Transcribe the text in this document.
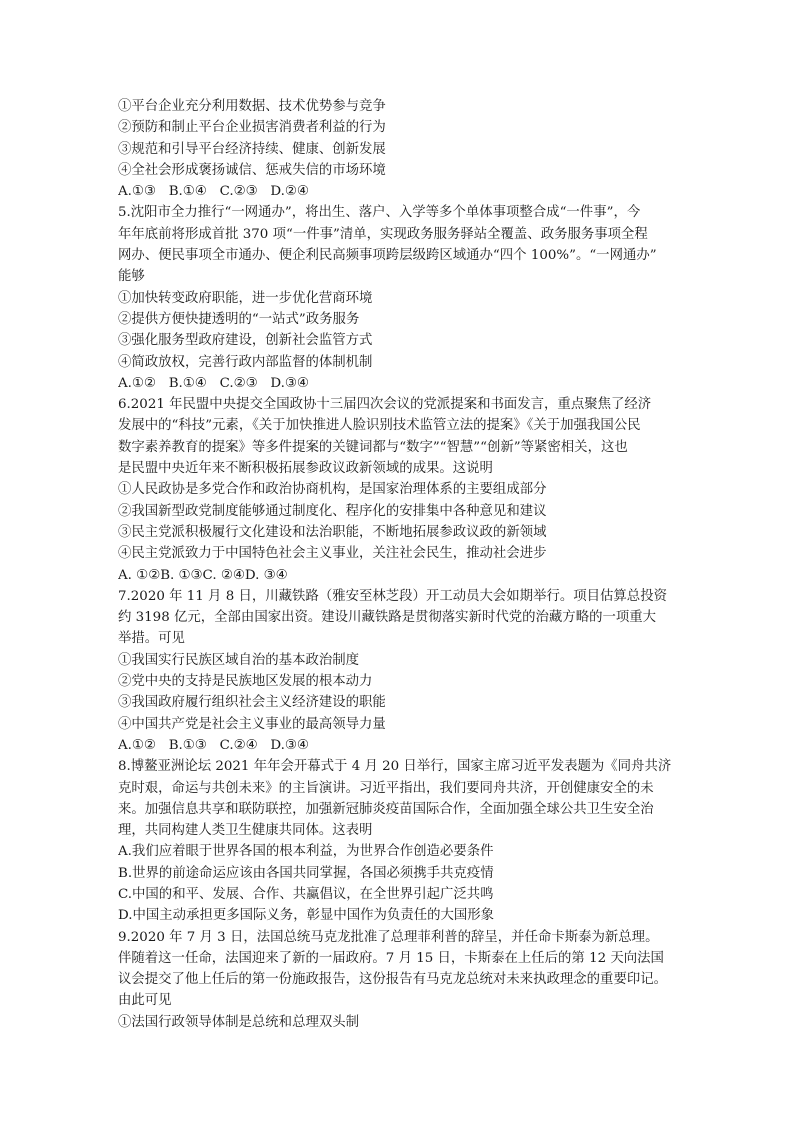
①平台企业充分利用数据、技术优势参与竞争
②预防和制止平台企业损害消费者利益的行为
③规范和引导平台经济持续、健康、创新发展
④全社会形成褒扬诚信、惩戒失信的市场环境
A.①③   B.①④   C.②③   D.②④
5.沈阳市全力推行“一网通办”，将出生、落户、入学等多个单体事项整合成“一件事”，今
年年底前将形成首批 370 项“一件事”清单，实现政务服务驿站全覆盖、政务服务事项全程
网办、便民事项全市通办、便企利民高频事项跨层级跨区域通办“四个 100%”。“一网通办”
能够
①加快转变政府职能，进一步优化营商环境
②提供方便快捷透明的“一站式”政务服务
③强化服务型政府建设，创新社会监管方式
④简政放权，完善行政内部监督的体制机制
A.①②   B.①④   C.②③   D.③④
6.2021 年民盟中央提交全国政协十三届四次会议的党派提案和书面发言，重点聚焦了经济
发展中的“科技”元素，《关于加快推进人脸识别技术监管立法的提案》《关于加强我国公民
数字素养教育的提案》等多件提案的关键词都与“数字”“智慧”“创新”等紧密相关，这也
是民盟中央近年来不断积极拓展参政议政新领域的成果。这说明
①人民政协是多党合作和政治协商机构，是国家治理体系的主要组成部分
②我国新型政党制度能够通过制度化、程序化的安排集中各种意见和建议
③民主党派积极履行文化建设和法治职能，不断地拓展参政议政的新领域
④民主党派致力于中国特色社会主义事业，关注社会民生，推动社会进步
A. ①②B. ①③C. ②④D. ③④
7.2020 年 11 月 8 日，川藏铁路（雅安至林芝段）开工动员大会如期举行。项目估算总投资
约 3198 亿元，全部由国家出资。建设川藏铁路是贯彻落实新时代党的治藏方略的一项重大
举措。可见
①我国实行民族区域自治的基本政治制度
②党中央的支持是民族地区发展的根本动力
③我国政府履行组织社会主义经济建设的职能
④中国共产党是社会主义事业的最高领导力量
A.①②   B.①③   C.②④   D.③④
8.博鳌亚洲论坛 2021 年年会开幕式于 4 月 20 日举行，国家主席习近平发表题为《同舟共济
克时艰，命运与共创未来》的主旨演讲。习近平指出，我们要同舟共济，开创健康安全的未
来。加强信息共享和联防联控，加强新冠肺炎疫苗国际合作，全面加强全球公共卫生安全治
理，共同构建人类卫生健康共同体。这表明
A.我们应着眼于世界各国的根本利益，为世界合作创造必要条件
B.世界的前途命运应该由各国共同掌握，各国必须携手共克疫情
C.中国的和平、发展、合作、共赢倡议，在全世界引起广泛共鸣
D.中国主动承担更多国际义务，彰显中国作为负责任的大国形象
9.2020 年 7 月 3 日，法国总统马克龙批准了总理菲利普的辞呈，并任命卡斯泰为新总理。
伴随着这一任命，法国迎来了新的一届政府。7 月 15 日，卡斯泰在上任后的第 12 天向法国
议会提交了他上任后的第一份施政报告，这份报告有马克龙总统对未来执政理念的重要印记。
由此可见
①法国行政领导体制是总统和总理双头制
